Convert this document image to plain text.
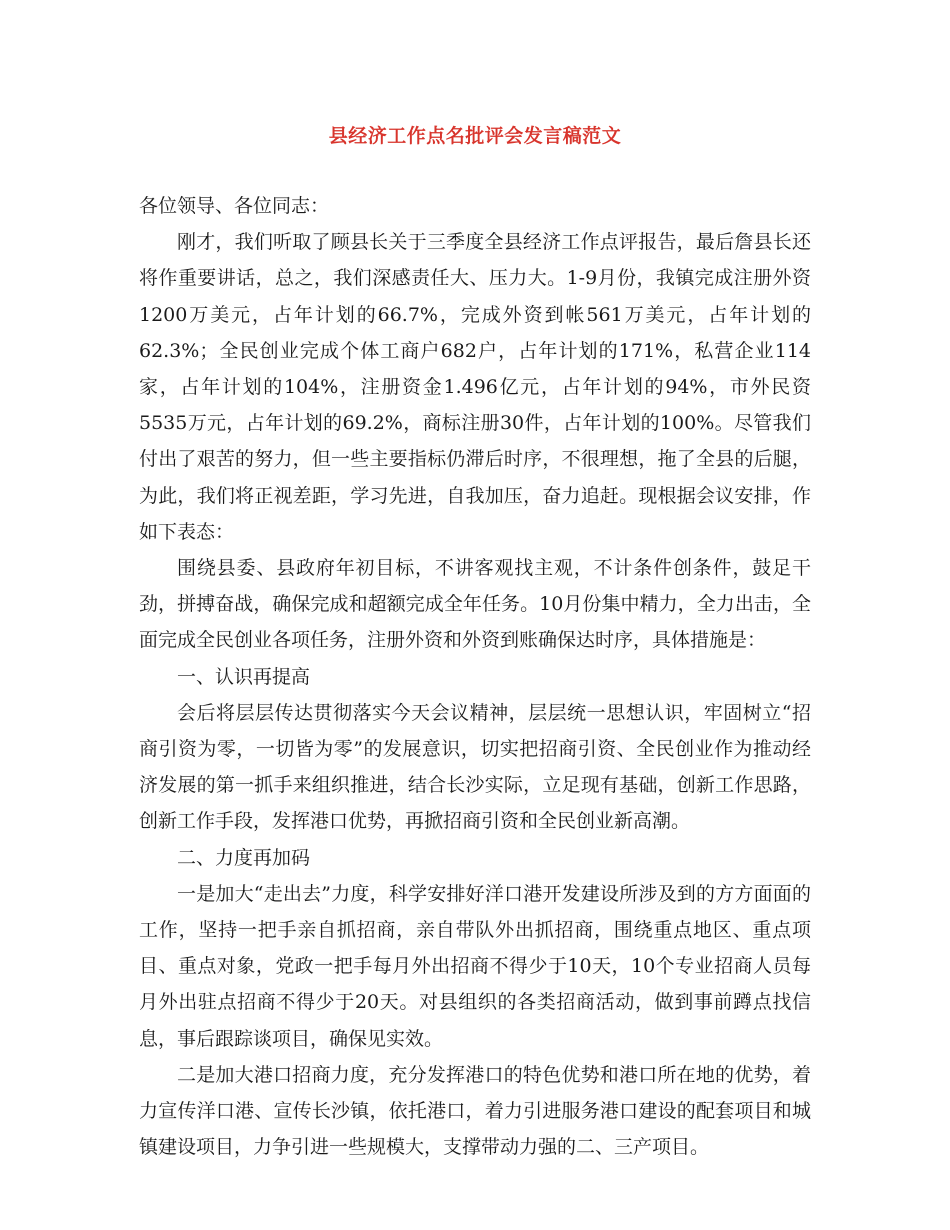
县经济工作点名批评会发言稿范文

各位领导、各位同志：

刚才，我们听取了顾县长关于三季度全县经济工作点评报告，最后詹县长还将作重要讲话，总之，我们深感责任大、压力大。1-9月份，我镇完成注册外资1200万美元，占年计划的66.7%，完成外资到帐561万美元，占年计划的62.3%；全民创业完成个体工商户682户，占年计划的171%，私营企业114家，占年计划的104%，注册资金1.496亿元，占年计划的94%，市外民资5535万元，占年计划的69.2%，商标注册30件，占年计划的100%。尽管我们付出了艰苦的努力，但一些主要指标仍滞后时序，不很理想，拖了全县的后腿，为此，我们将正视差距，学习先进，自我加压，奋力追赶。现根据会议安排，作如下表态：

围绕县委、县政府年初目标，不讲客观找主观，不计条件创条件，鼓足干劲，拼搏奋战，确保完成和超额完成全年任务。10月份集中精力，全力出击，全面完成全民创业各项任务，注册外资和外资到账确保达时序，具体措施是：

一、认识再提高

会后将层层传达贯彻落实今天会议精神，层层统一思想认识，牢固树立“招商引资为零，一切皆为零”的发展意识，切实把招商引资、全民创业作为推动经济发展的第一抓手来组织推进，结合长沙实际，立足现有基础，创新工作思路，创新工作手段，发挥港口优势，再掀招商引资和全民创业新高潮。

二、力度再加码

一是加大“走出去”力度，科学安排好洋口港开发建设所涉及到的方方面面的工作，坚持一把手亲自抓招商，亲自带队外出抓招商，围绕重点地区、重点项目、重点对象，党政一把手每月外出招商不得少于10天，10个专业招商人员每月外出驻点招商不得少于20天。对县组织的各类招商活动，做到事前蹲点找信息，事后跟踪谈项目，确保见实效。

二是加大港口招商力度，充分发挥港口的特色优势和港口所在地的优势，着力宣传洋口港、宣传长沙镇，依托港口，着力引进服务港口建设的配套项目和城镇建设项目，力争引进一些规模大，支撑带动力强的二、三产项目。
